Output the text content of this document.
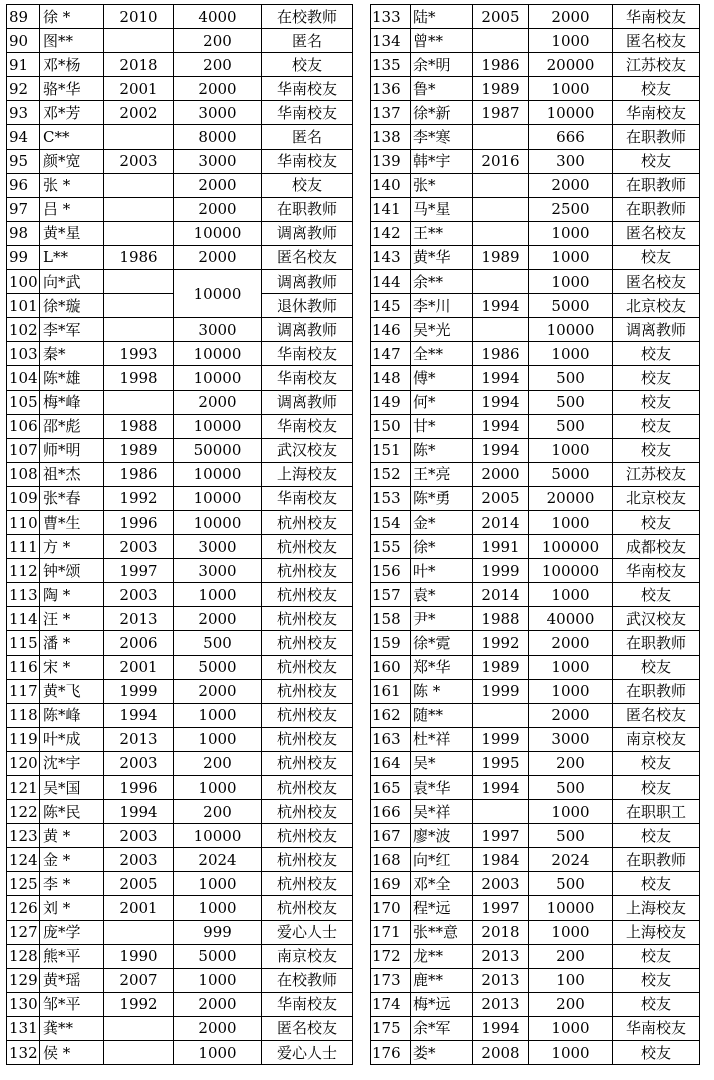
89	徐 *	2010	4000	在校教师
90	图**		200	匿名
91	邓*杨	2018	200	校友
92	骆*华	2001	2000	华南校友
93	邓*芳	2002	3000	华南校友
94	C**		8000	匿名
95	颜*宽	2003	3000	华南校友
96	张 *		2000	校友
97	吕 *		2000	在职教师
98	黄*星		10000	调离教师
99	L**	1986	2000	匿名校友
100	向*武		10000	调离教师
101	徐*璇			退休教师
102	李*军		3000	调离教师
103	秦*	1993	10000	华南校友
104	陈*雄	1998	10000	华南校友
105	梅*峰		2000	调离教师
106	邵*彪	1988	10000	华南校友
107	师*明	1989	50000	武汉校友
108	祖*杰	1986	10000	上海校友
109	张*春	1992	10000	华南校友
110	曹*生	1996	10000	杭州校友
111	方 *	2003	3000	杭州校友
112	钟*颂	1997	3000	杭州校友
113	陶 *	2003	1000	杭州校友
114	汪 *	2013	2000	杭州校友
115	潘 *	2006	500	杭州校友
116	宋 *	2001	5000	杭州校友
117	黄*飞	1999	2000	杭州校友
118	陈*峰	1994	1000	杭州校友
119	叶*成	2013	1000	杭州校友
120	沈*宇	2003	200	杭州校友
121	吴*国	1996	1000	杭州校友
122	陈*民	1994	200	杭州校友
123	黄 *	2003	10000	杭州校友
124	金 *	2003	2024	杭州校友
125	李 *	2005	1000	杭州校友
126	刘 *	2001	1000	杭州校友
127	庞*学		999	爱心人士
128	熊*平	1990	5000	南京校友
129	黄*瑶	2007	1000	在校教师
130	邹*平	1992	2000	华南校友
131	龚**		2000	匿名校友
132	侯 *		1000	爱心人士
133	陆*	2005	2000	华南校友
134	曾**		1000	匿名校友
135	余*明	1986	20000	江苏校友
136	鲁*	1989	1000	校友
137	徐*新	1987	10000	华南校友
138	李*寒		666	在职教师
139	韩*宇	2016	300	校友
140	张*		2000	在职教师
141	马*星		2500	在职教师
142	王**		1000	匿名校友
143	黄*华	1989	1000	校友
144	余**		1000	匿名校友
145	李*川	1994	5000	北京校友
146	吴*光		10000	调离教师
147	全**	1986	1000	校友
148	傅*	1994	500	校友
149	何*	1994	500	校友
150	甘*	1994	500	校友
151	陈*	1994	1000	校友
152	王*亮	2000	5000	江苏校友
153	陈*勇	2005	20000	北京校友
154	金*	2014	1000	校友
155	徐*	1991	100000	成都校友
156	叶*	1999	100000	华南校友
157	袁*	2014	1000	校友
158	尹*	1988	40000	武汉校友
159	徐*霓	1992	2000	在职教师
160	郑*华	1989	1000	校友
161	陈 *	1999	1000	在职教师
162	随**		2000	匿名校友
163	杜*祥	1999	3000	南京校友
164	吴*	1995	200	校友
165	袁*华	1994	500	校友
166	吴*祥		1000	在职职工
167	廖*波	1997	500	校友
168	向*红	1984	2024	在职教师
169	邓*全	2003	500	校友
170	程*远	1997	10000	上海校友
171	张**意	2018	1000	上海校友
172	龙**	2013	200	校友
173	鹿**	2013	100	校友
174	梅*远	2013	200	校友
175	余*军	1994	1000	华南校友
176	娄*	2008	1000	校友
